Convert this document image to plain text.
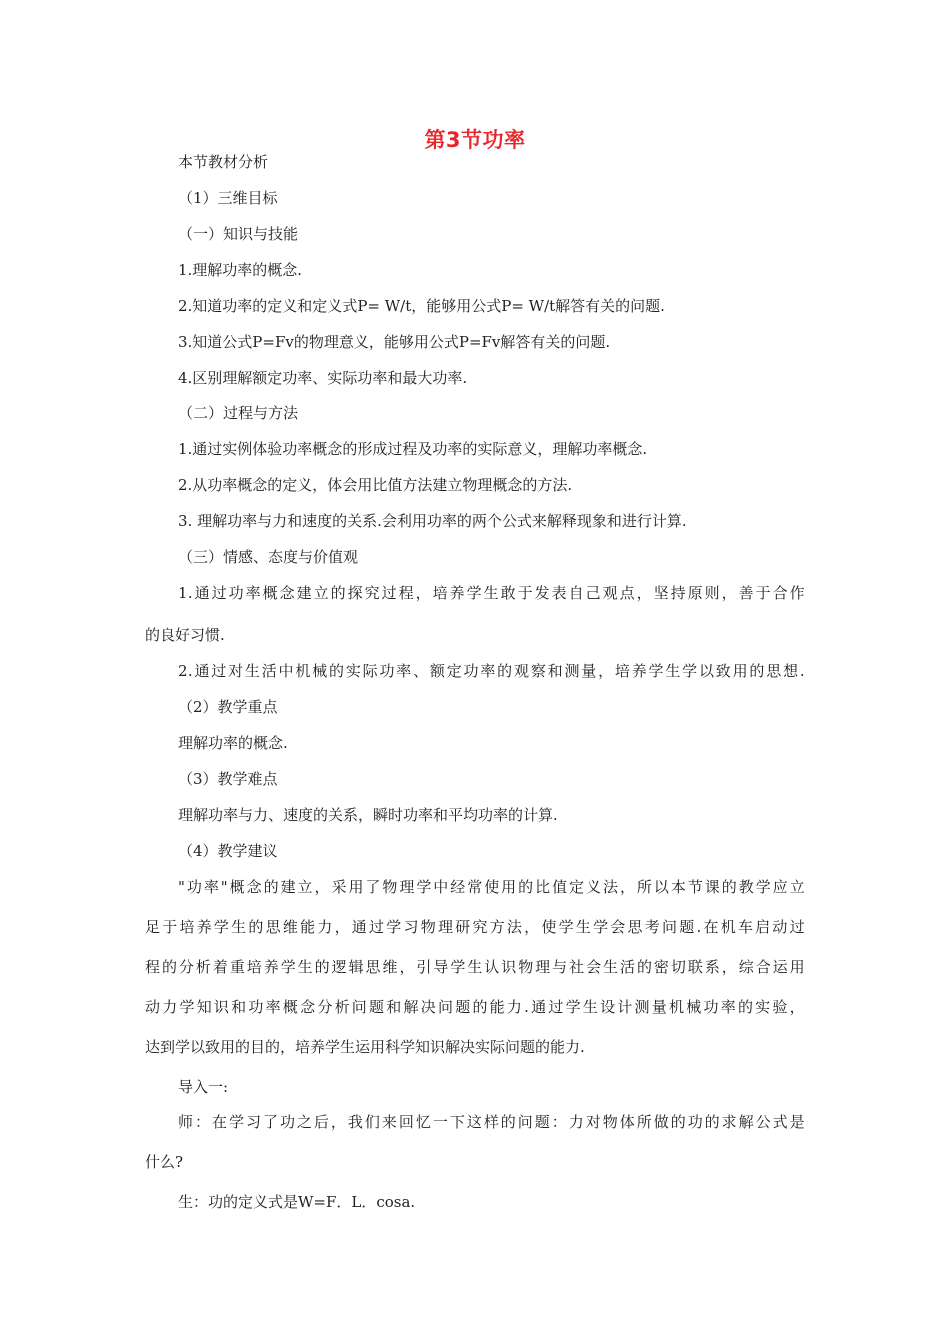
第3节功率
本节教材分析
（1）三维目标
（一）知识与技能
1.理解功率的概念.
2.知道功率的定义和定义式P= W/t，能够用公式P= W/t解答有关的问题.
3.知道公式P=Fv的物理意义，能够用公式P=Fv解答有关的问题.
4.区别理解额定功率、实际功率和最大功率.
（二）过程与方法
1.通过实例体验功率概念的形成过程及功率的实际意义，理解功率概念.
2.从功率概念的定义，体会用比值方法建立物理概念的方法.
3. 理解功率与力和速度的关系.会利用功率的两个公式来解释现象和进行计算.
（三）情感、态度与价值观
1.通过功率概念建立的探究过程，培养学生敢于发表自己观点，坚持原则，善于合作
的良好习惯.
2.通过对生活中机械的实际功率、额定功率的观察和测量，培养学生学以致用的思想.
（2）教学重点
理解功率的概念.
（3）教学难点
理解功率与力、速度的关系，瞬时功率和平均功率的计算.
（4）教学建议
"功率"概念的建立，采用了物理学中经常使用的比值定义法，所以本节课的教学应立
足于培养学生的思维能力，通过学习物理研究方法，使学生学会思考问题.在机车启动过
程的分析着重培养学生的逻辑思维，引导学生认识物理与社会生活的密切联系，综合运用
动力学知识和功率概念分析问题和解决问题的能力.通过学生设计测量机械功率的实验，
达到学以致用的目的，培养学生运用科学知识解决实际问题的能力.
导入一:
师：在学习了功之后，我们来回忆一下这样的问题：力对物体所做的功的求解公式是
什么?
生：功的定义式是W=F．L．cosa.
